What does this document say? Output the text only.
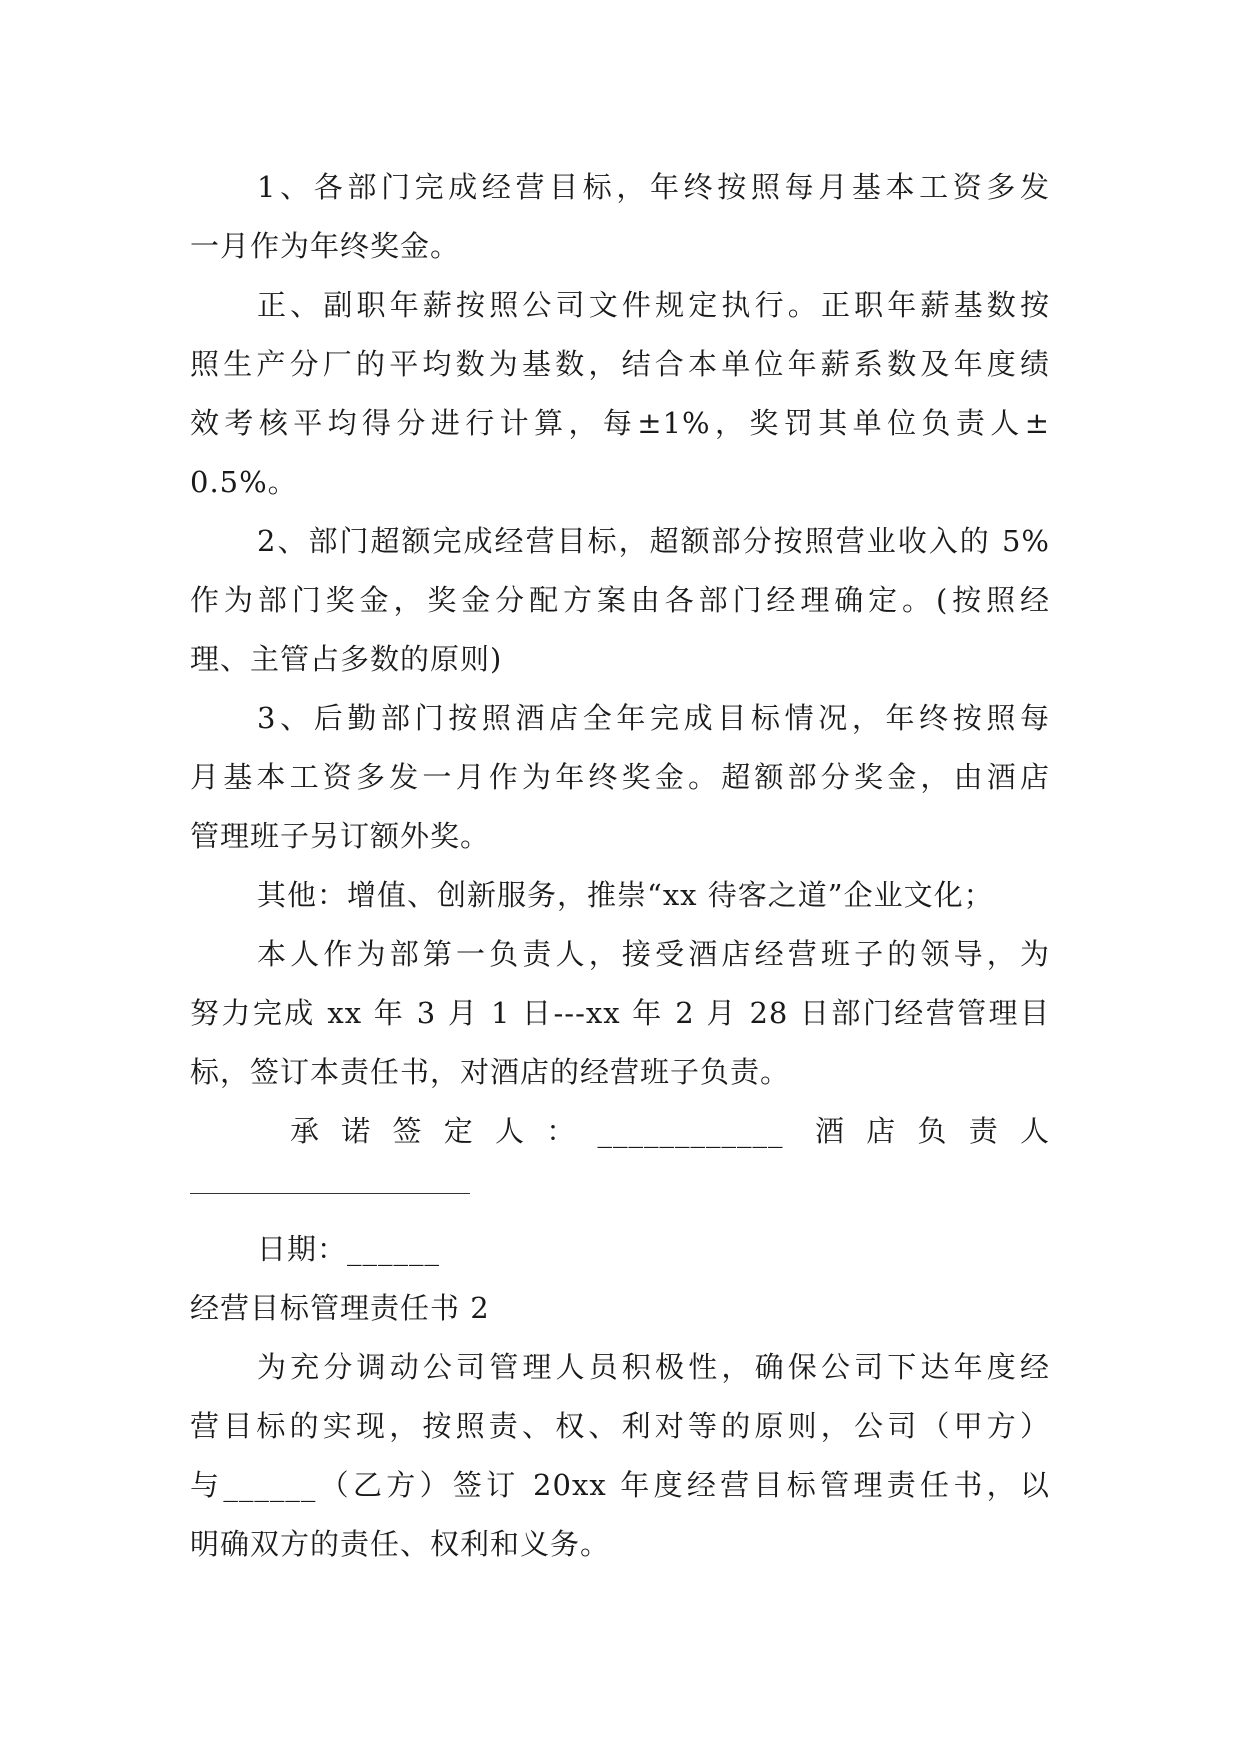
1、各部门完成经营目标，年终按照每月基本工资多发
一月作为年终奖金。
正、副职年薪按照公司文件规定执行。正职年薪基数按
照生产分厂的平均数为基数，结合本单位年薪系数及年度绩
效考核平均得分进行计算，每±1%，奖罚其单位负责人±
0.5%。
2、部门超额完成经营目标，超额部分按照营业收入的 5%
作为部门奖金，奖金分配方案由各部门经理确定。(按照经
理、主管占多数的原则)
3、后勤部门按照酒店全年完成目标情况，年终按照每
月基本工资多发一月作为年终奖金。超额部分奖金，由酒店
管理班子另订额外奖。
其他：增值、创新服务，推崇“xx 待客之道”企业文化；
本人作为部第一负责人，接受酒店经营班子的领导，为
努力完成 xx 年 3 月 1 日---xx 年 2 月 28 日部门经营管理目
标，签订本责任书，对酒店的经营班子负责。
承诺签定人：____________ 酒店负责人
日期：______
经营目标管理责任书 2
为充分调动公司管理人员积极性，确保公司下达年度经
营目标的实现，按照责、权、利对等的原则，公司（甲方）
与______（乙方）签订 20xx 年度经营目标管理责任书，以
明确双方的责任、权利和义务。
